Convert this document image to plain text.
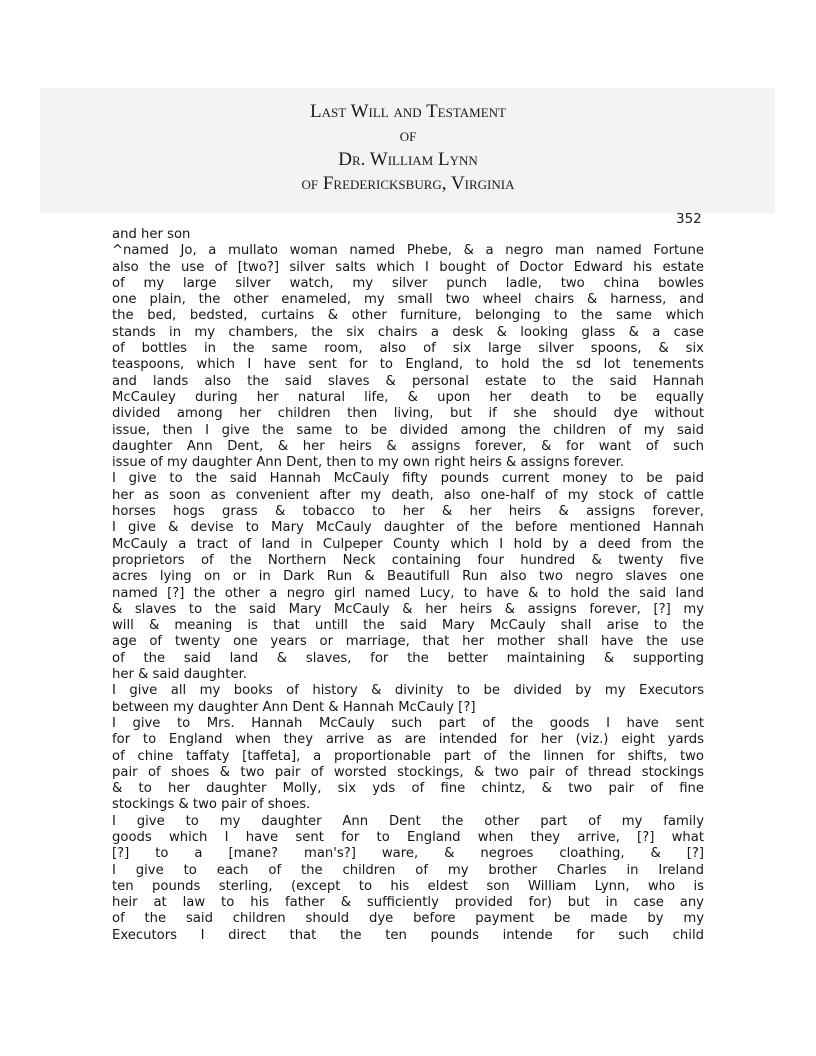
Last Will and Testament
of
Dr. William Lynn
of Fredericksburg, Virginia
352
and her son
^named Jo, a mullato woman named Phebe, & a negro man named Fortune
also the use of [two?] silver salts which I bought of Doctor Edward his estate
of my large silver watch, my silver punch ladle, two china bowles
one plain, the other enameled, my small two wheel chairs & harness, and
the bed, bedsted, curtains & other furniture, belonging to the same which
stands in my chambers, the six chairs a desk & looking glass & a case
of bottles in the same room, also of six large silver spoons, & six
teaspoons, which I have sent for to England, to hold the sd lot tenements
and lands also the said slaves & personal estate to the said Hannah
McCauley during her natural life, & upon her death to be equally
divided among her children then living, but if she should dye without
issue, then I give the same to be divided among the children of my said
daughter Ann Dent, & her heirs & assigns forever, & for want of such
issue of my daughter Ann Dent, then to my own right heirs & assigns forever.
I give to the said Hannah McCauly fifty pounds current money to be paid
her as soon as convenient after my death, also one-half of my stock of cattle
horses hogs grass & tobacco to her & her heirs & assigns forever,
I give & devise to Mary McCauly daughter of the before mentioned Hannah
McCauly a tract of land in Culpeper County which I hold by a deed from the
proprietors of the Northern Neck containing four hundred & twenty five
acres lying on or in Dark Run & Beautifull Run also two negro slaves one
named [?] the other a negro girl named Lucy, to have & to hold the said land
& slaves to the said Mary McCauly & her heirs & assigns forever, [?] my
will & meaning is that untill the said Mary McCauly shall arise to the
age of twenty one years or marriage, that her mother shall have the use
of the said land & slaves, for the better maintaining & supporting
her & said daughter.
I give all my books of history & divinity to be divided by my Executors
between my daughter Ann Dent & Hannah McCauly [?]
I give to Mrs. Hannah McCauly such part of the goods I have sent
for to England when they arrive as are intended for her (viz.) eight yards
of chine taffaty [taffeta], a proportionable part of the linnen for shifts, two
pair of shoes & two pair of worsted stockings, & two pair of thread stockings
& to her daughter Molly, six yds of fine chintz, & two pair of fine
stockings & two pair of shoes.
I give to my daughter Ann Dent the other part of my family
goods which I have sent for to England when they arrive, [?] what
[?] to a [mane? man's?] ware, & negroes cloathing, & [?]
I give to each of the children of my brother Charles in Ireland
ten pounds sterling, (except to his eldest son William Lynn, who is
heir at law to his father & sufficiently provided for) but in case any
of the said children should dye before payment be made by my
Executors I direct that the ten pounds intende for such child
